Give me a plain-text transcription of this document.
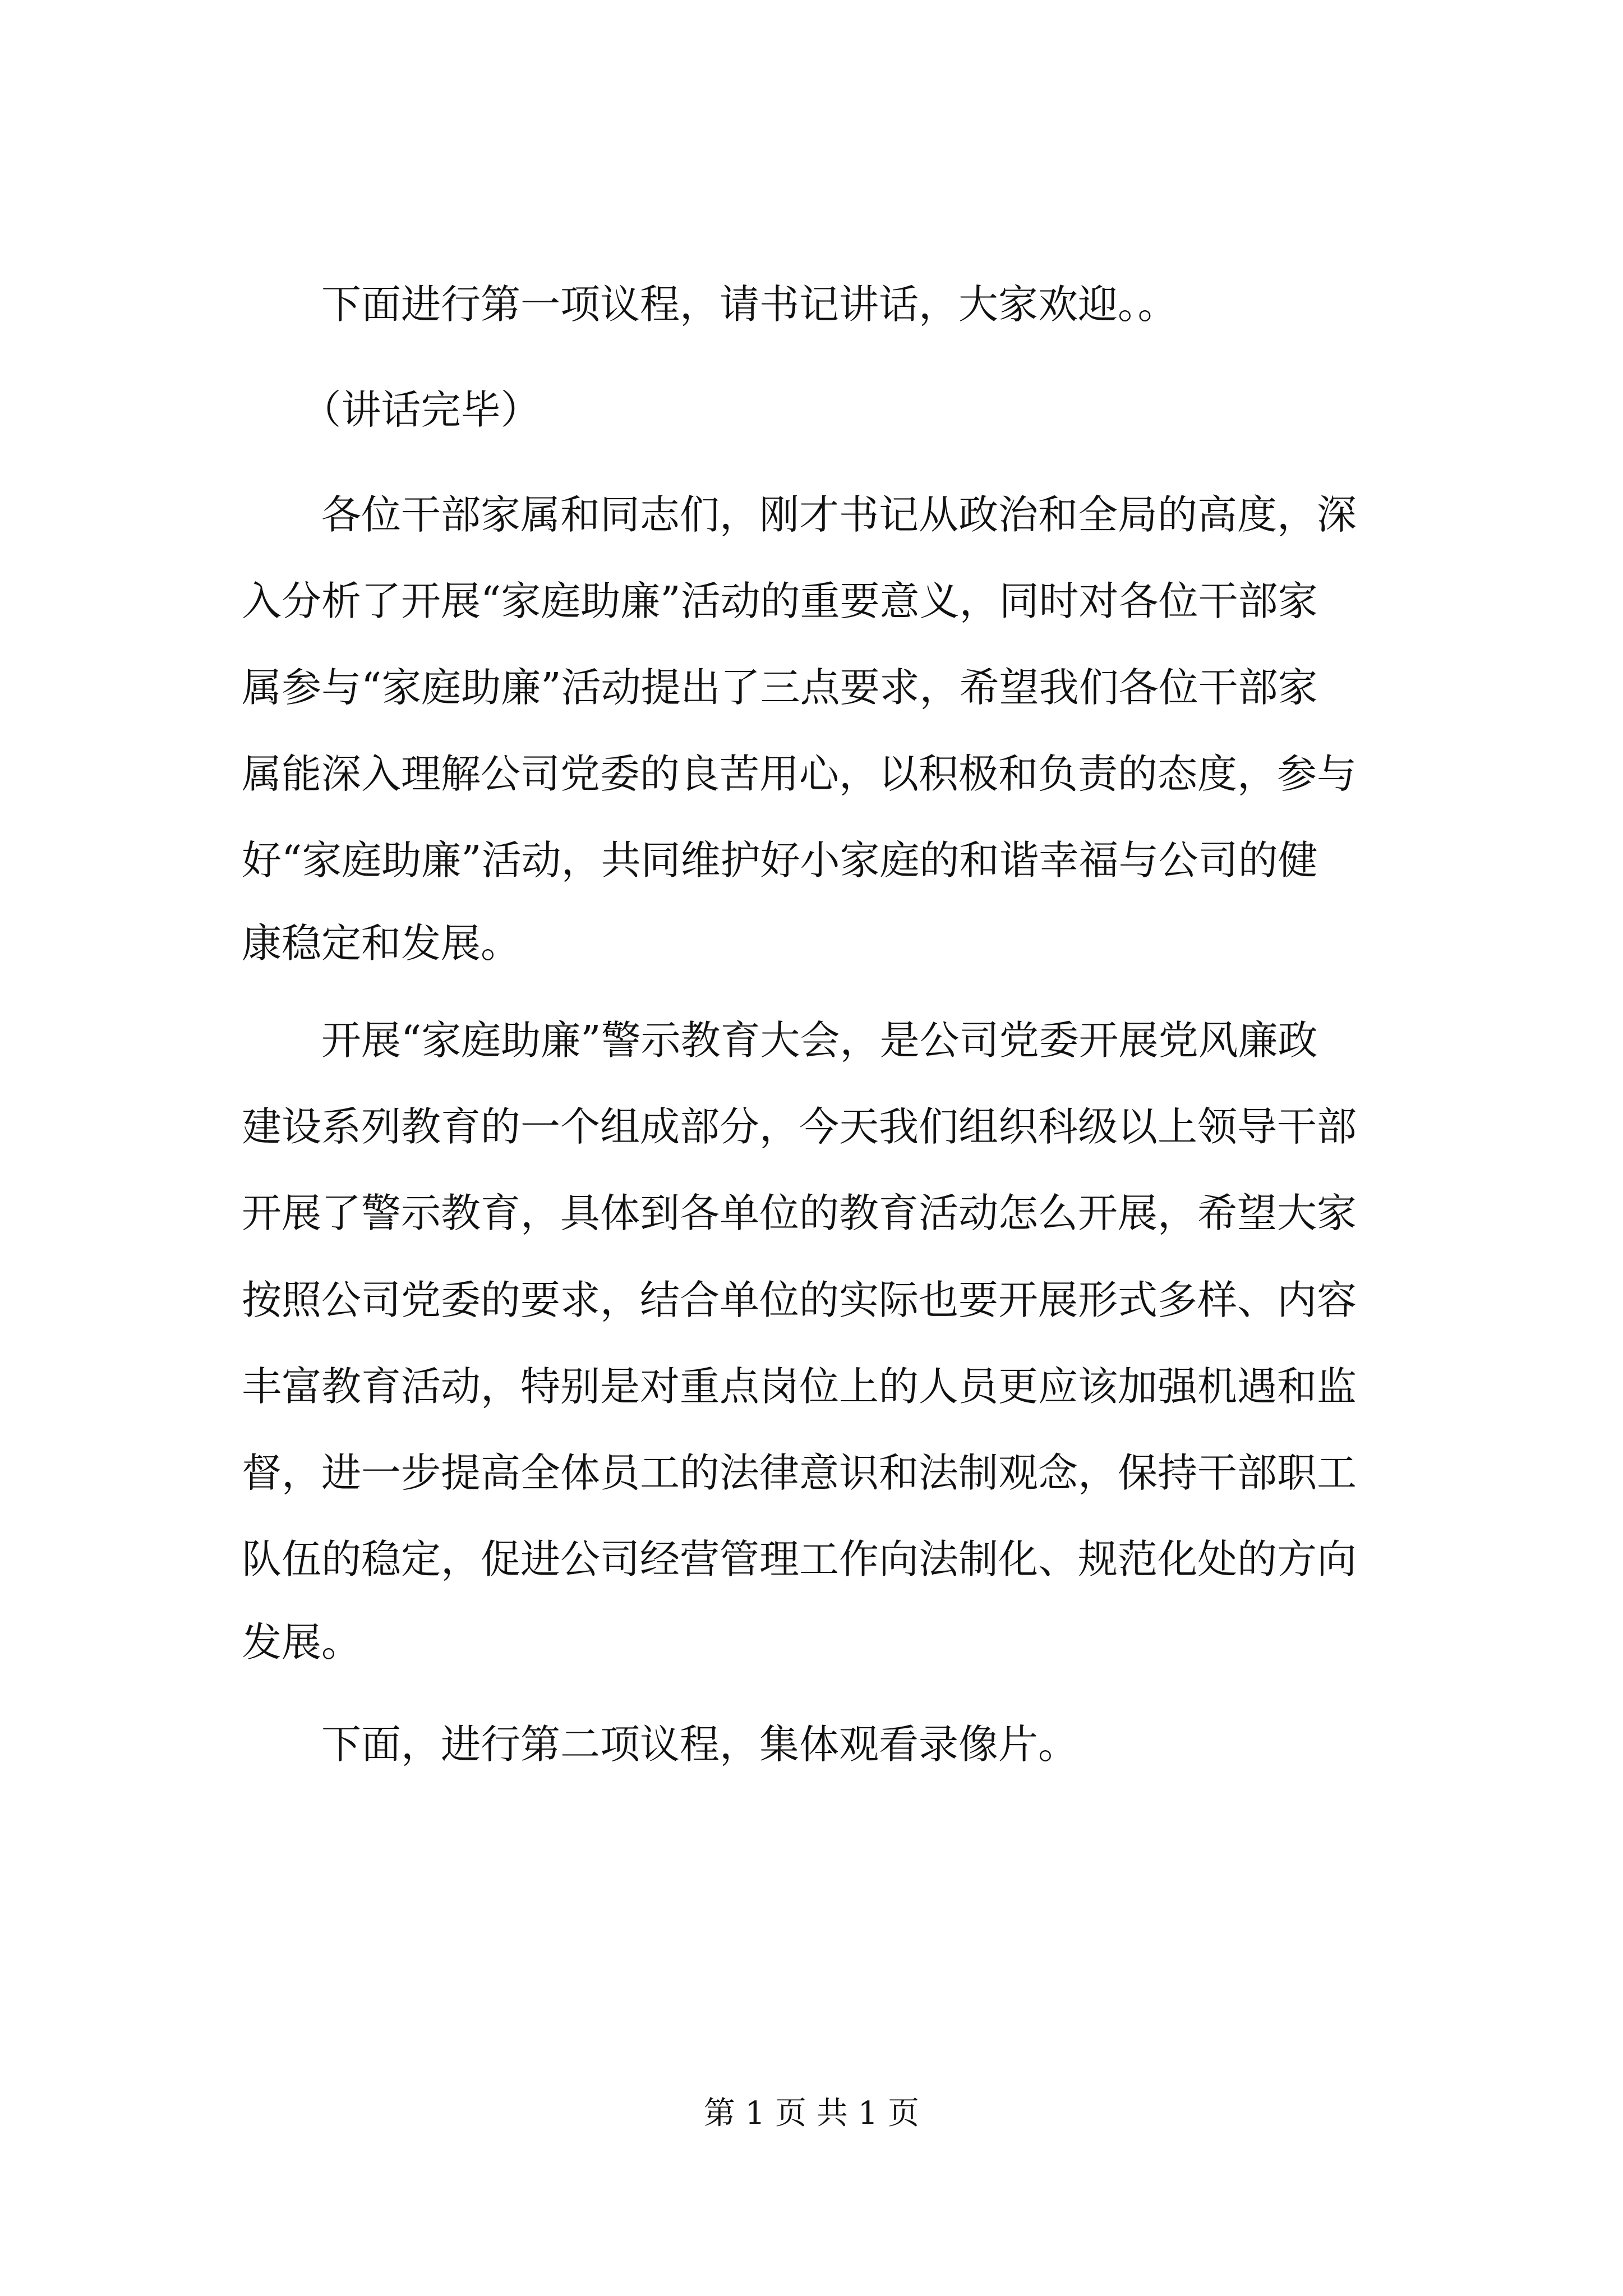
　　下面进行第一项议程，请书记讲话，大家欢迎。。

　　（讲话完毕）

　　各位干部家属和同志们，刚才书记从政治和全局的高度，深

入分析了开展“家庭助廉”活动的重要意义，同时对各位干部家

属参与“家庭助廉”活动提出了三点要求，希望我们各位干部家

属能深入理解公司党委的良苦用心，以积极和负责的态度，参与

好“家庭助廉”活动，共同维护好小家庭的和谐幸福与公司的健

康稳定和发展。

　　开展“家庭助廉”警示教育大会，是公司党委开展党风廉政

建设系列教育的一个组成部分，今天我们组织科级以上领导干部

开展了警示教育，具体到各单位的教育活动怎么开展，希望大家

按照公司党委的要求，结合单位的实际也要开展形式多样、内容

丰富教育活动，特别是对重点岗位上的人员更应该加强机遇和监

督，进一步提高全体员工的法律意识和法制观念，保持干部职工

队伍的稳定，促进公司经营管理工作向法制化、规范化处的方向

发展。

　　下面，进行第二项议程，集体观看录像片。

第 1 页 共 1 页
